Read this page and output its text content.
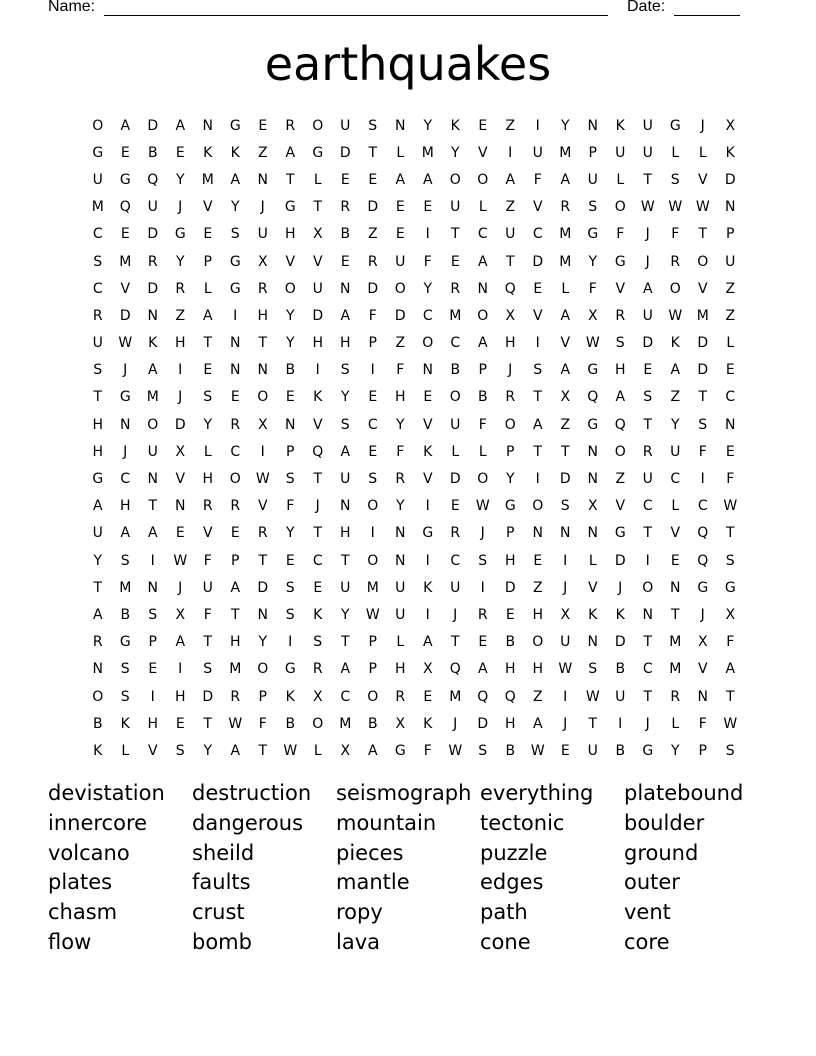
Name:	Date:
earthquakes
O	A	D	A	N	G	E	R	O	U	S	N	Y	K	E	Z	I	Y	N	K	U	G	J	X
G	E	B	E	K	K	Z	A	G	D	T	L	M	Y	V	I	U	M	P	U	U	L	L	K
U	G	Q	Y	M	A	N	T	L	E	E	A	A	O	O	A	F	A	U	L	T	S	V	D
M	Q	U	J	V	Y	J	G	T	R	D	E	E	U	L	Z	V	R	S	O	W W W	N
C	E	D	G	E	S	U	H	X	B	Z	E	I	T	C	U	C	M	G	F	J	F	T	P
S	M	R	Y	P	G	X	V	V	E	R	U	F	E	A	T	D	M	Y	G	J	R	O	U
C	V	D	R	L	G	R	O	U	N	D	O	Y	R	N	Q	E	L	F	V	A	O	V	Z
R	D	N	Z	A	I	H	Y	D	A	F	D	C	M	O	X	V	A	X	R	U	W	M	Z
U	W	K	H	T	N	T	Y	H	H	P	Z	O	C	A	H	I	V	W	S	D	K	D	L
S	J	A	I	E	N	N	B	I	S	I	F	N	B	P	J	S	A	G	H	E	A	D	E
T	G	M	J	S	E	O	E	K	Y	E	H	E	O	B	R	T	X	Q	A	S	Z	T	C
H	N	O	D	Y	R	X	N	V	S	C	Y	V	U	F	O	A	Z	G	Q	T	Y	S	N
H	J	U	X	L	C	I	P	Q	A	E	F	K	L	L	P	T	T	N	O	R	U	F	E
G	C	N	V	H	O	W	S	T	U	S	R	V	D	O	Y	I	D	N	Z	U	C	I	F
A	H	T	N	R	R	V	F	J	N	O	Y	I	E	W	G	O	S	X	V	C	L	C	W
U	A	A	E	V	E	R	Y	T	H	I	N	G	R	J	P	N	N	N	G	T	V	Q	T
Y	S	I	W	F	P	T	E	C	T	O	N	I	C	S	H	E	I	L	D	I	E	Q	S
T	M	N	J	U	A	D	S	E	U	M	U	K	U	I	D	Z	J	V	J	O	N	G	G
A	B	S	X	F	T	N	S	K	Y	W	U	I	J	R	E	H	X	K	K	N	T	J	X
R	G	P	A	T	H	Y	I	S	T	P	L	A	T	E	B	O	U	N	D	T	M	X	F
N	S	E	I	S	M	O	G	R	A	P	H	X	Q	A	H	H	W	S	B	C	M	V	A
O	S	I	H	D	R	P	K	X	C	O	R	E	M	Q	Q	Z	I	W	U	T	R	N	T
B	K	H	E	T	W	F	B	O	M	B	X	K	J	D	H	A	J	T	I	J	L	F	W
K	L	V	S	Y	A	T	W	L	X	A	G	F	W	S	B	W	E	U	B	G	Y	P	S
devistation	destruction	seismograph everything	platebound
innercore	dangerous	mountain	tectonic	boulder
volcano	sheild	pieces	puzzle	ground
plates	faults	mantle	edges	outer
chasm	crust	ropy	path	vent
flow	bomb	lava	cone	core
